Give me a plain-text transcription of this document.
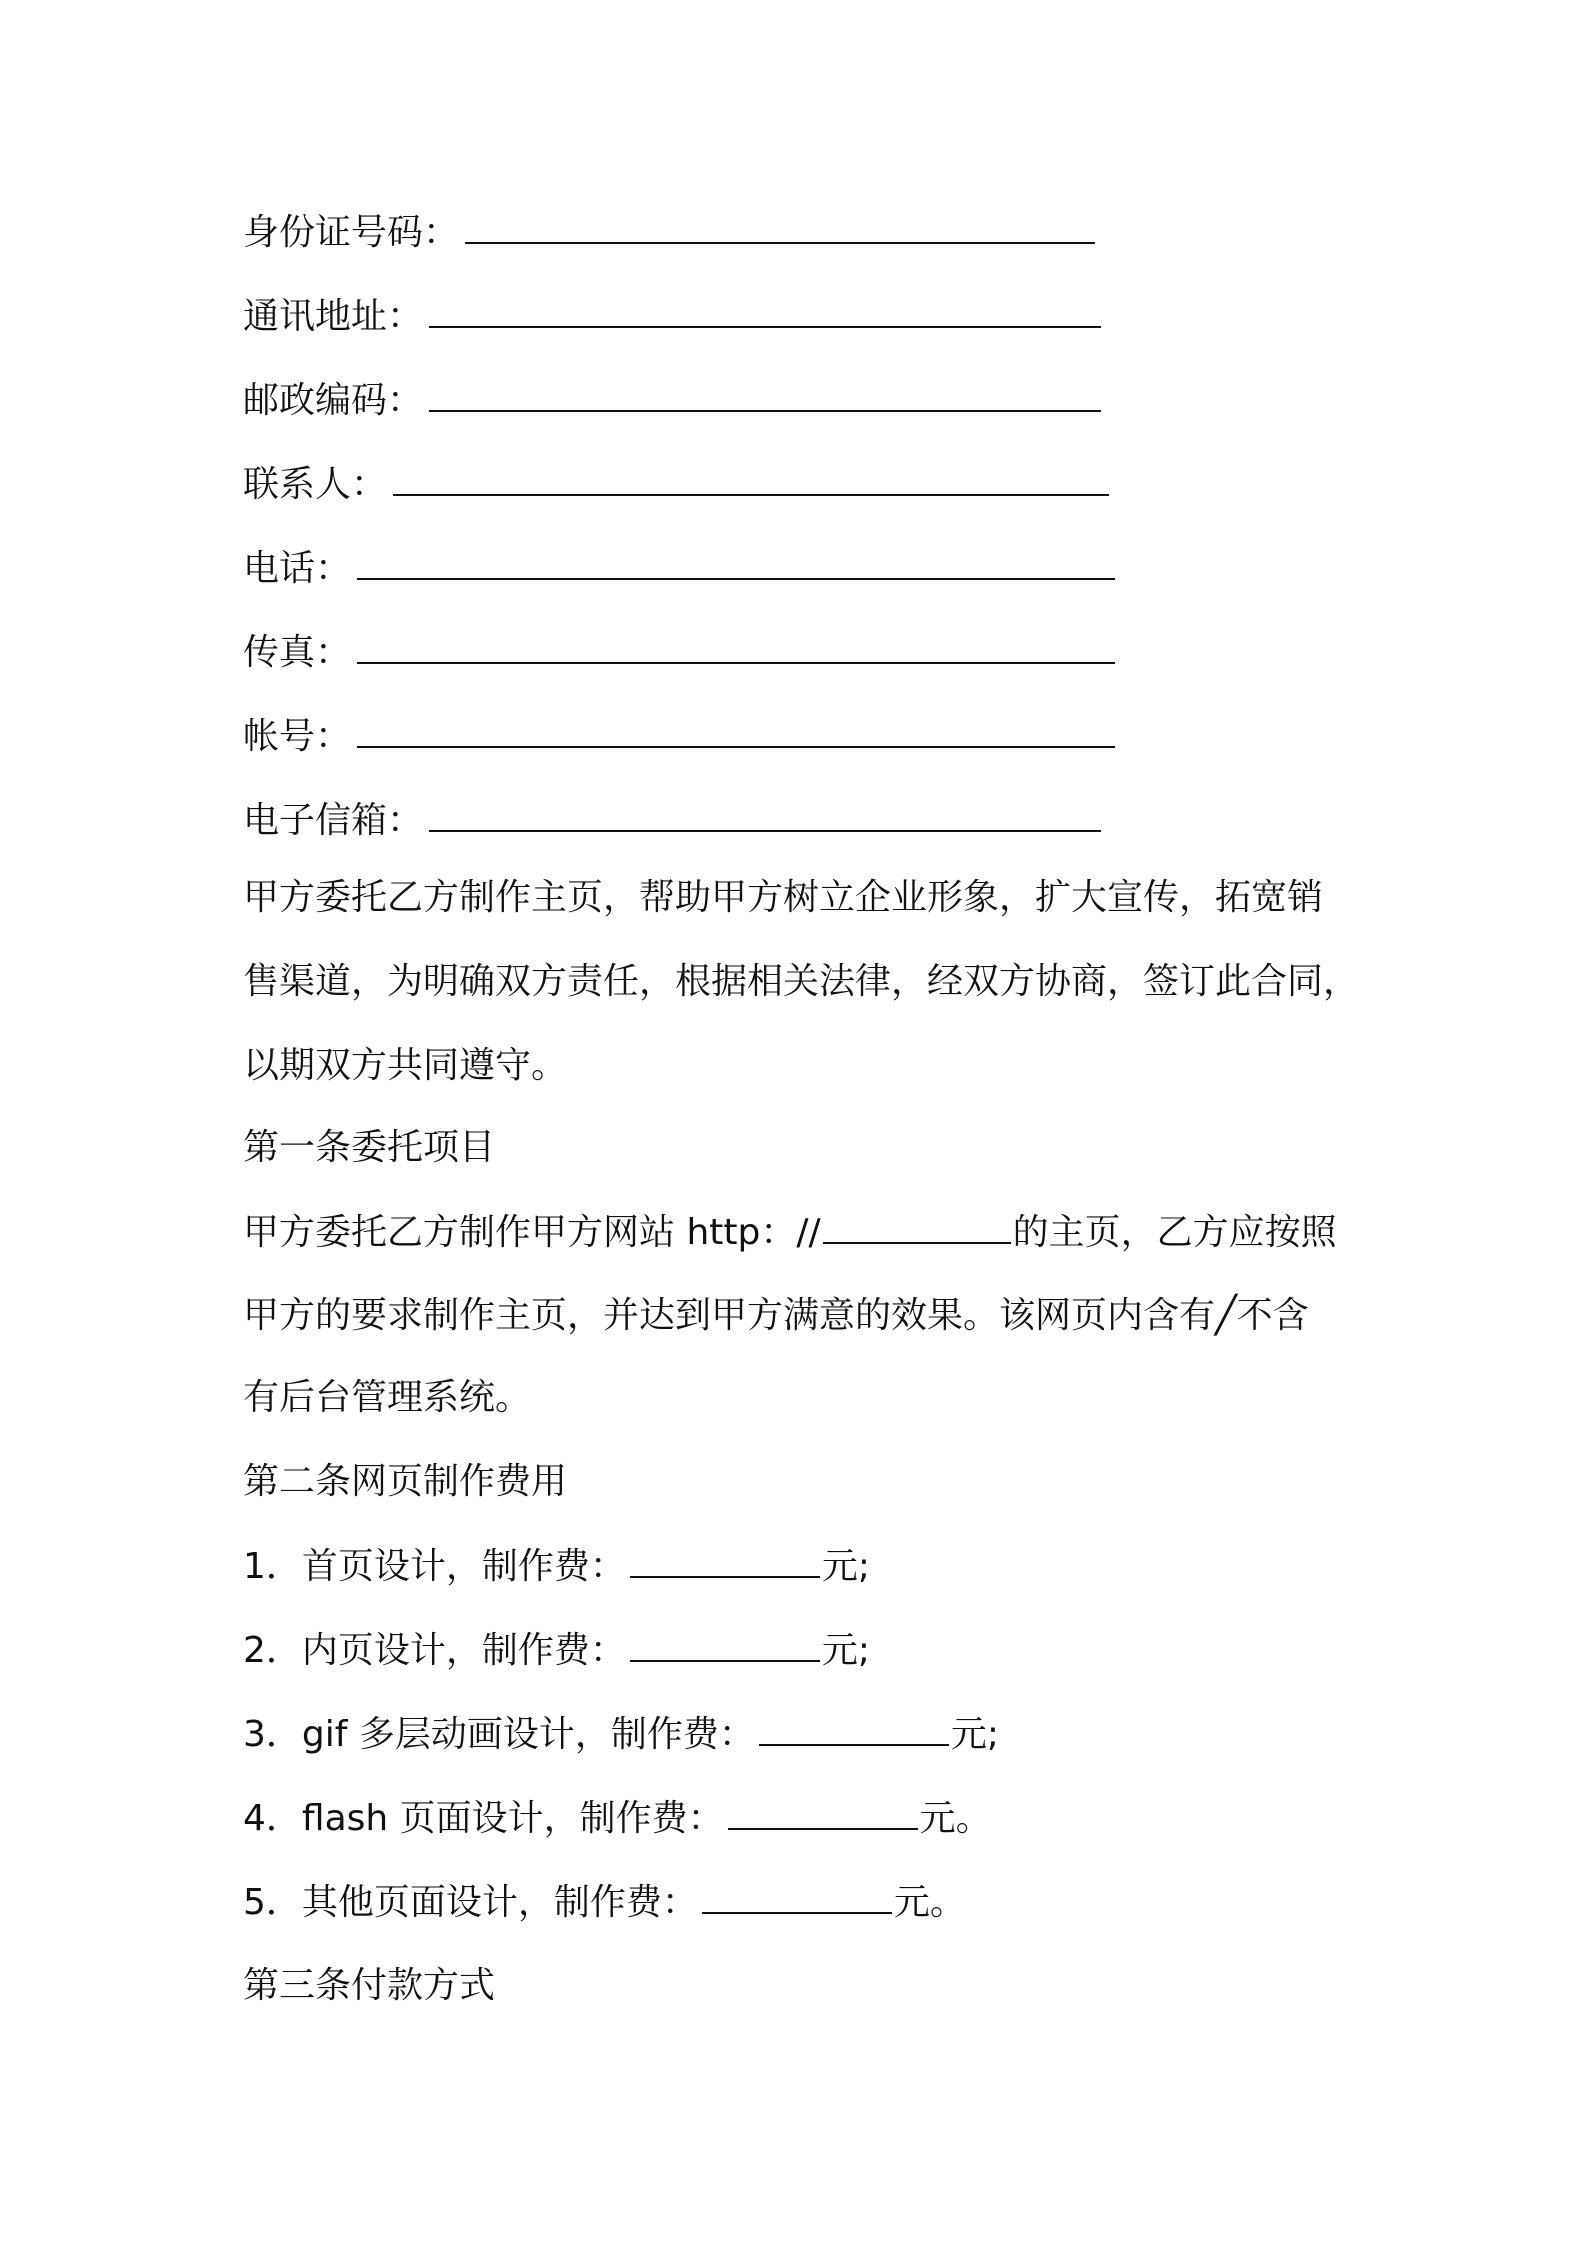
身份证号码：
通讯地址：
邮政编码：
联系人：
电话：
传真：
帐号：
电子信箱：
甲方委托乙方制作主页，帮助甲方树立企业形象，扩大宣传，拓宽销
售渠道，为明确双方责任，根据相关法律，经双方协商，签订此合同，
以期双方共同遵守。
第一条委托项目
甲方委托乙方制作甲方网站 http：//	的主页，乙方应按照
甲方的要求制作主页，并达到甲方满意的效果。该网页内含有╱不含
有后台管理系统。
第二条网页制作费用
1．首页设计，制作费：	元;
2．内页设计，制作费：	元;
3．gif 多层动画设计，制作费：	元;
4．flash 页面设计，制作费：	元。
5．其他页面设计，制作费：	元。
第三条付款方式
